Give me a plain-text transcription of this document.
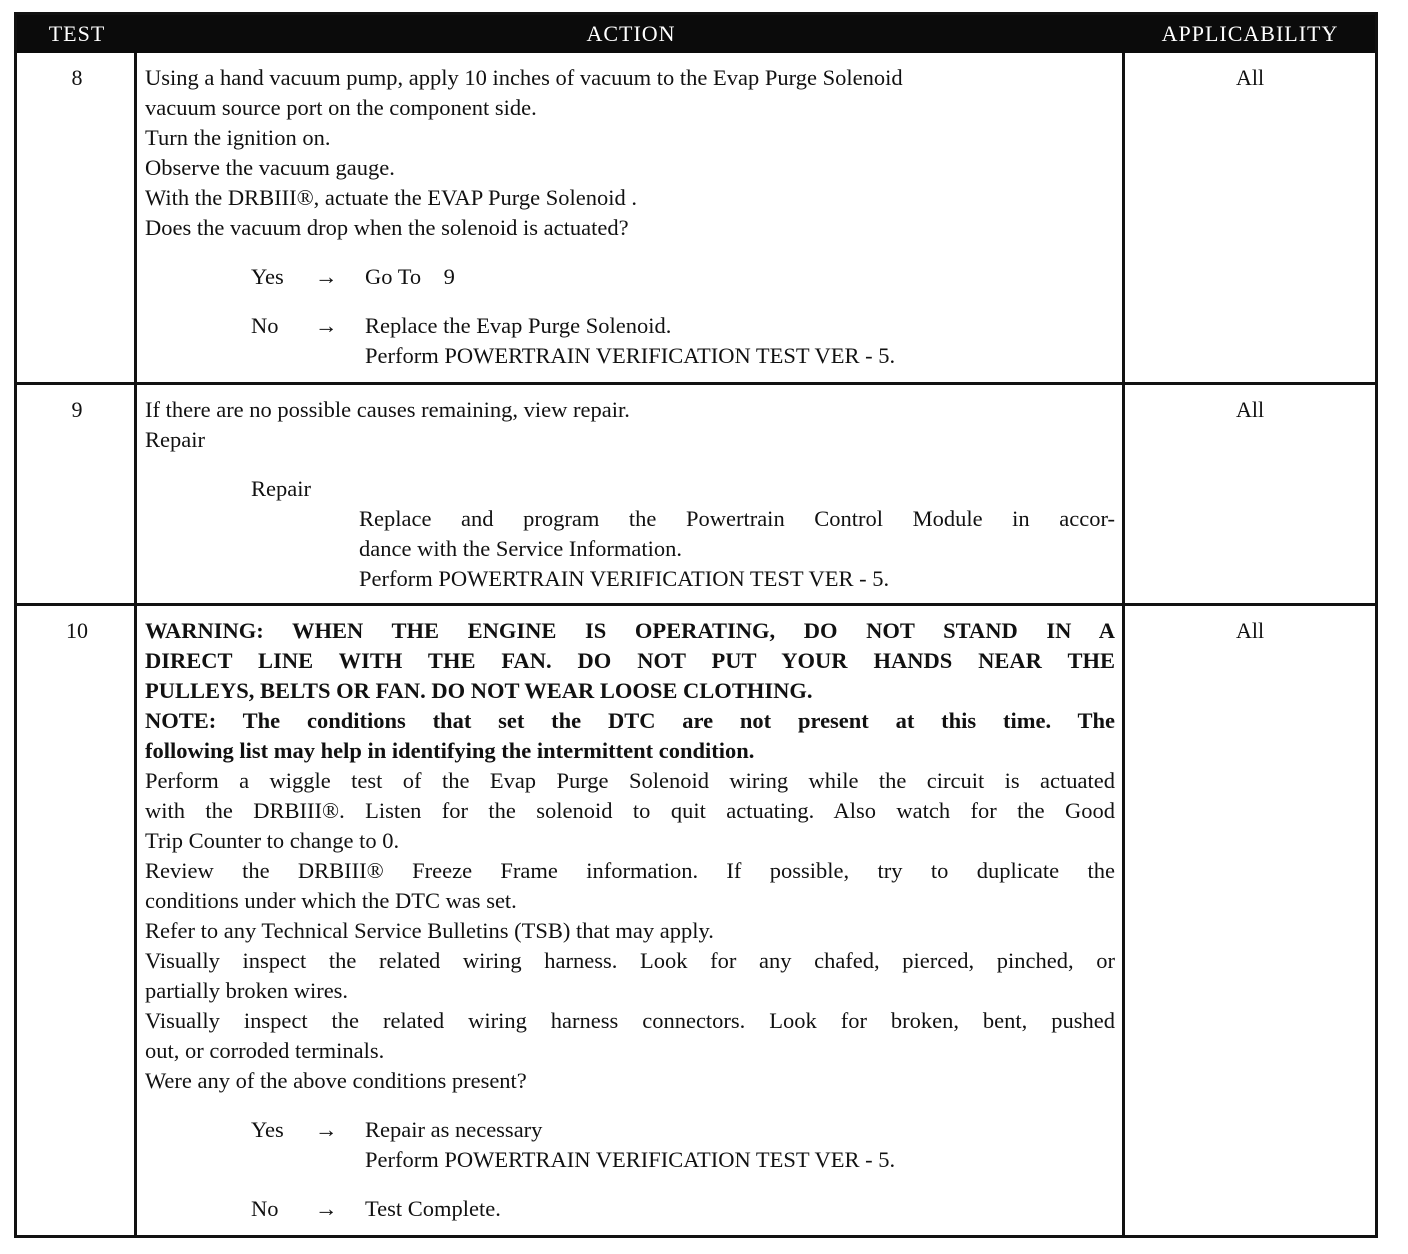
TEST	ACTION	APPLICABILITY
8	Using a hand vacuum pump, apply 10 inches of vacuum to the Evap Purge Solenoid
vacuum source port on the component side.
Turn the ignition on.
Observe the vacuum gauge.
With the DRBIII®, actuate the EVAP Purge Solenoid .
Does the vacuum drop when the solenoid is actuated?
Yes → Go To    9
No → Replace the Evap Purge Solenoid.
Perform POWERTRAIN VERIFICATION TEST VER - 5.
All
9	If there are no possible causes remaining, view repair.
Repair
Repair
Replace and program the Powertrain Control Module in accor-
dance with the Service Information.
Perform POWERTRAIN VERIFICATION TEST VER - 5.
All
10	WARNING: WHEN THE ENGINE IS OPERATING, DO NOT STAND IN A
DIRECT LINE WITH THE FAN. DO NOT PUT YOUR HANDS NEAR THE
PULLEYS, BELTS OR FAN. DO NOT WEAR LOOSE CLOTHING.
NOTE: The conditions that set the DTC are not present at this time. The
following list may help in identifying the intermittent condition.
Perform a wiggle test of the Evap Purge Solenoid wiring while the circuit is actuated
with the DRBIII®. Listen for the solenoid to quit actuating. Also watch for the Good
Trip Counter to change to 0.
Review the DRBIII® Freeze Frame information. If possible, try to duplicate the
conditions under which the DTC was set.
Refer to any Technical Service Bulletins (TSB) that may apply.
Visually inspect the related wiring harness. Look for any chafed, pierced, pinched, or
partially broken wires.
Visually inspect the related wiring harness connectors. Look for broken, bent, pushed
out, or corroded terminals.
Were any of the above conditions present?
Yes → Repair as necessary
Perform POWERTRAIN VERIFICATION TEST VER - 5.
No → Test Complete.
All
